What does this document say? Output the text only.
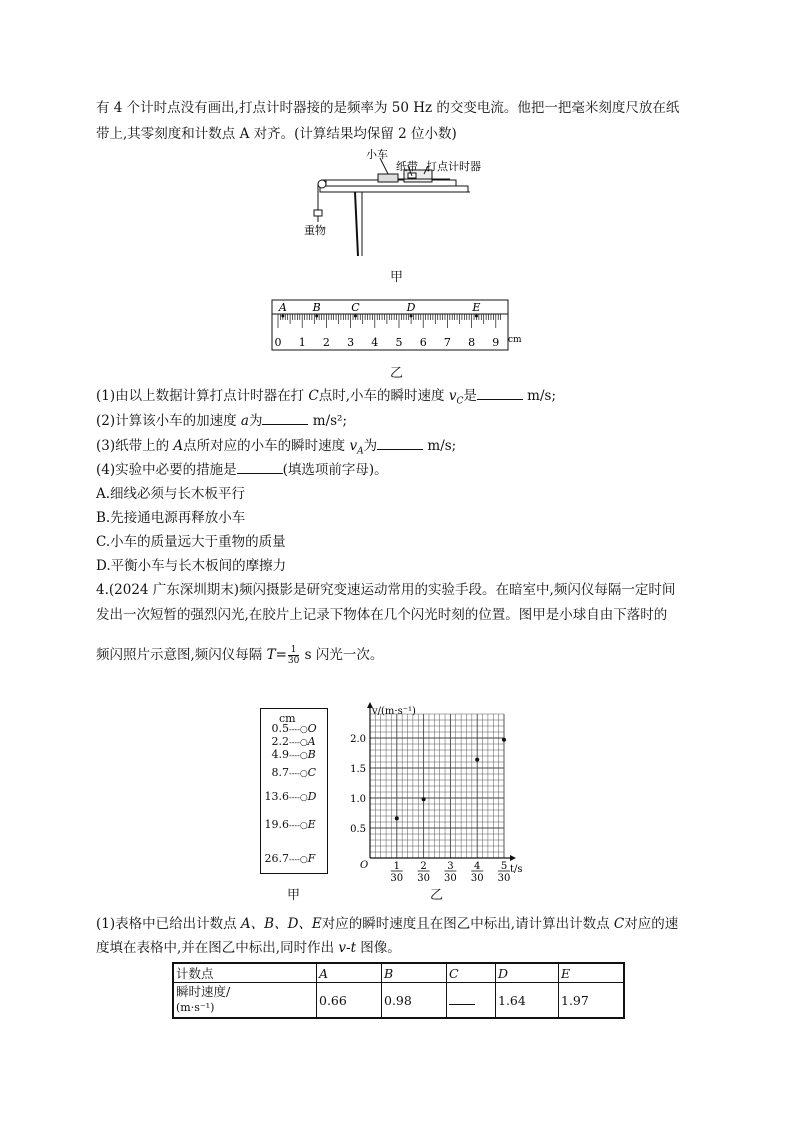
有 4 个计时点没有画出,打点计时器接的是频率为 50 Hz 的交变电流。他把一把毫米刻度尺放在纸
带上,其零刻度和计数点 A 对齐。(计算结果均保留 2 位小数)
小车
纸带 打点计时器
重物
甲
0 1 2 3 4 5 6 7 8 9 cm
A B	C	D	E
乙
(1)由以上数据计算打点计时器在打 C点时,小车的瞬时速度 $v_C$是	m/s;
(2)计算该小车的加速度 a为	m/s²;
(3)纸带上的 A点所对应的小车的瞬时速度 $v_A$为	m/s;
(4)实验中必要的措施是	(填选项前字母)。
A.细线必须与长木板平行
B.先接通电源再释放小车
C.小车的质量远大于重物的质量
D.平衡小车与长木板间的摩擦力
4.(2024 广东深圳期末)频闪摄影是研究变速运动常用的实验手段。在暗室中,频闪仪每隔一定时间
发出一次短暂的强烈闪光,在胶片上记录下物体在几个闪光时刻的位置。图甲是小球自由下落时的
频闪照片示意图,频闪仪每隔 $T= \frac{1}{30}$ s 闪光一次。
cm
0.5----○O
2.2----○A
4.9----○B
8.7----○C
13.6----○D
19.6----○E
26.7----○F
甲
v/(m·s⁻¹)
0.5
1.0
1.5
2.0
O	1
30
2
30
3
30
4
30
5
30
t/s
乙
(1)表格中已给出计数点 A、B、D、E对应的瞬时速度且在图乙中标出,请计算出计数点 C对应的速
度填在表格中,并在图乙中标出,同时作出 v-t 图像。
计数点	A	B	C	D	E

瞬时速度/
(m·s⁻¹)	0.66	0.98		1.64	1.97
